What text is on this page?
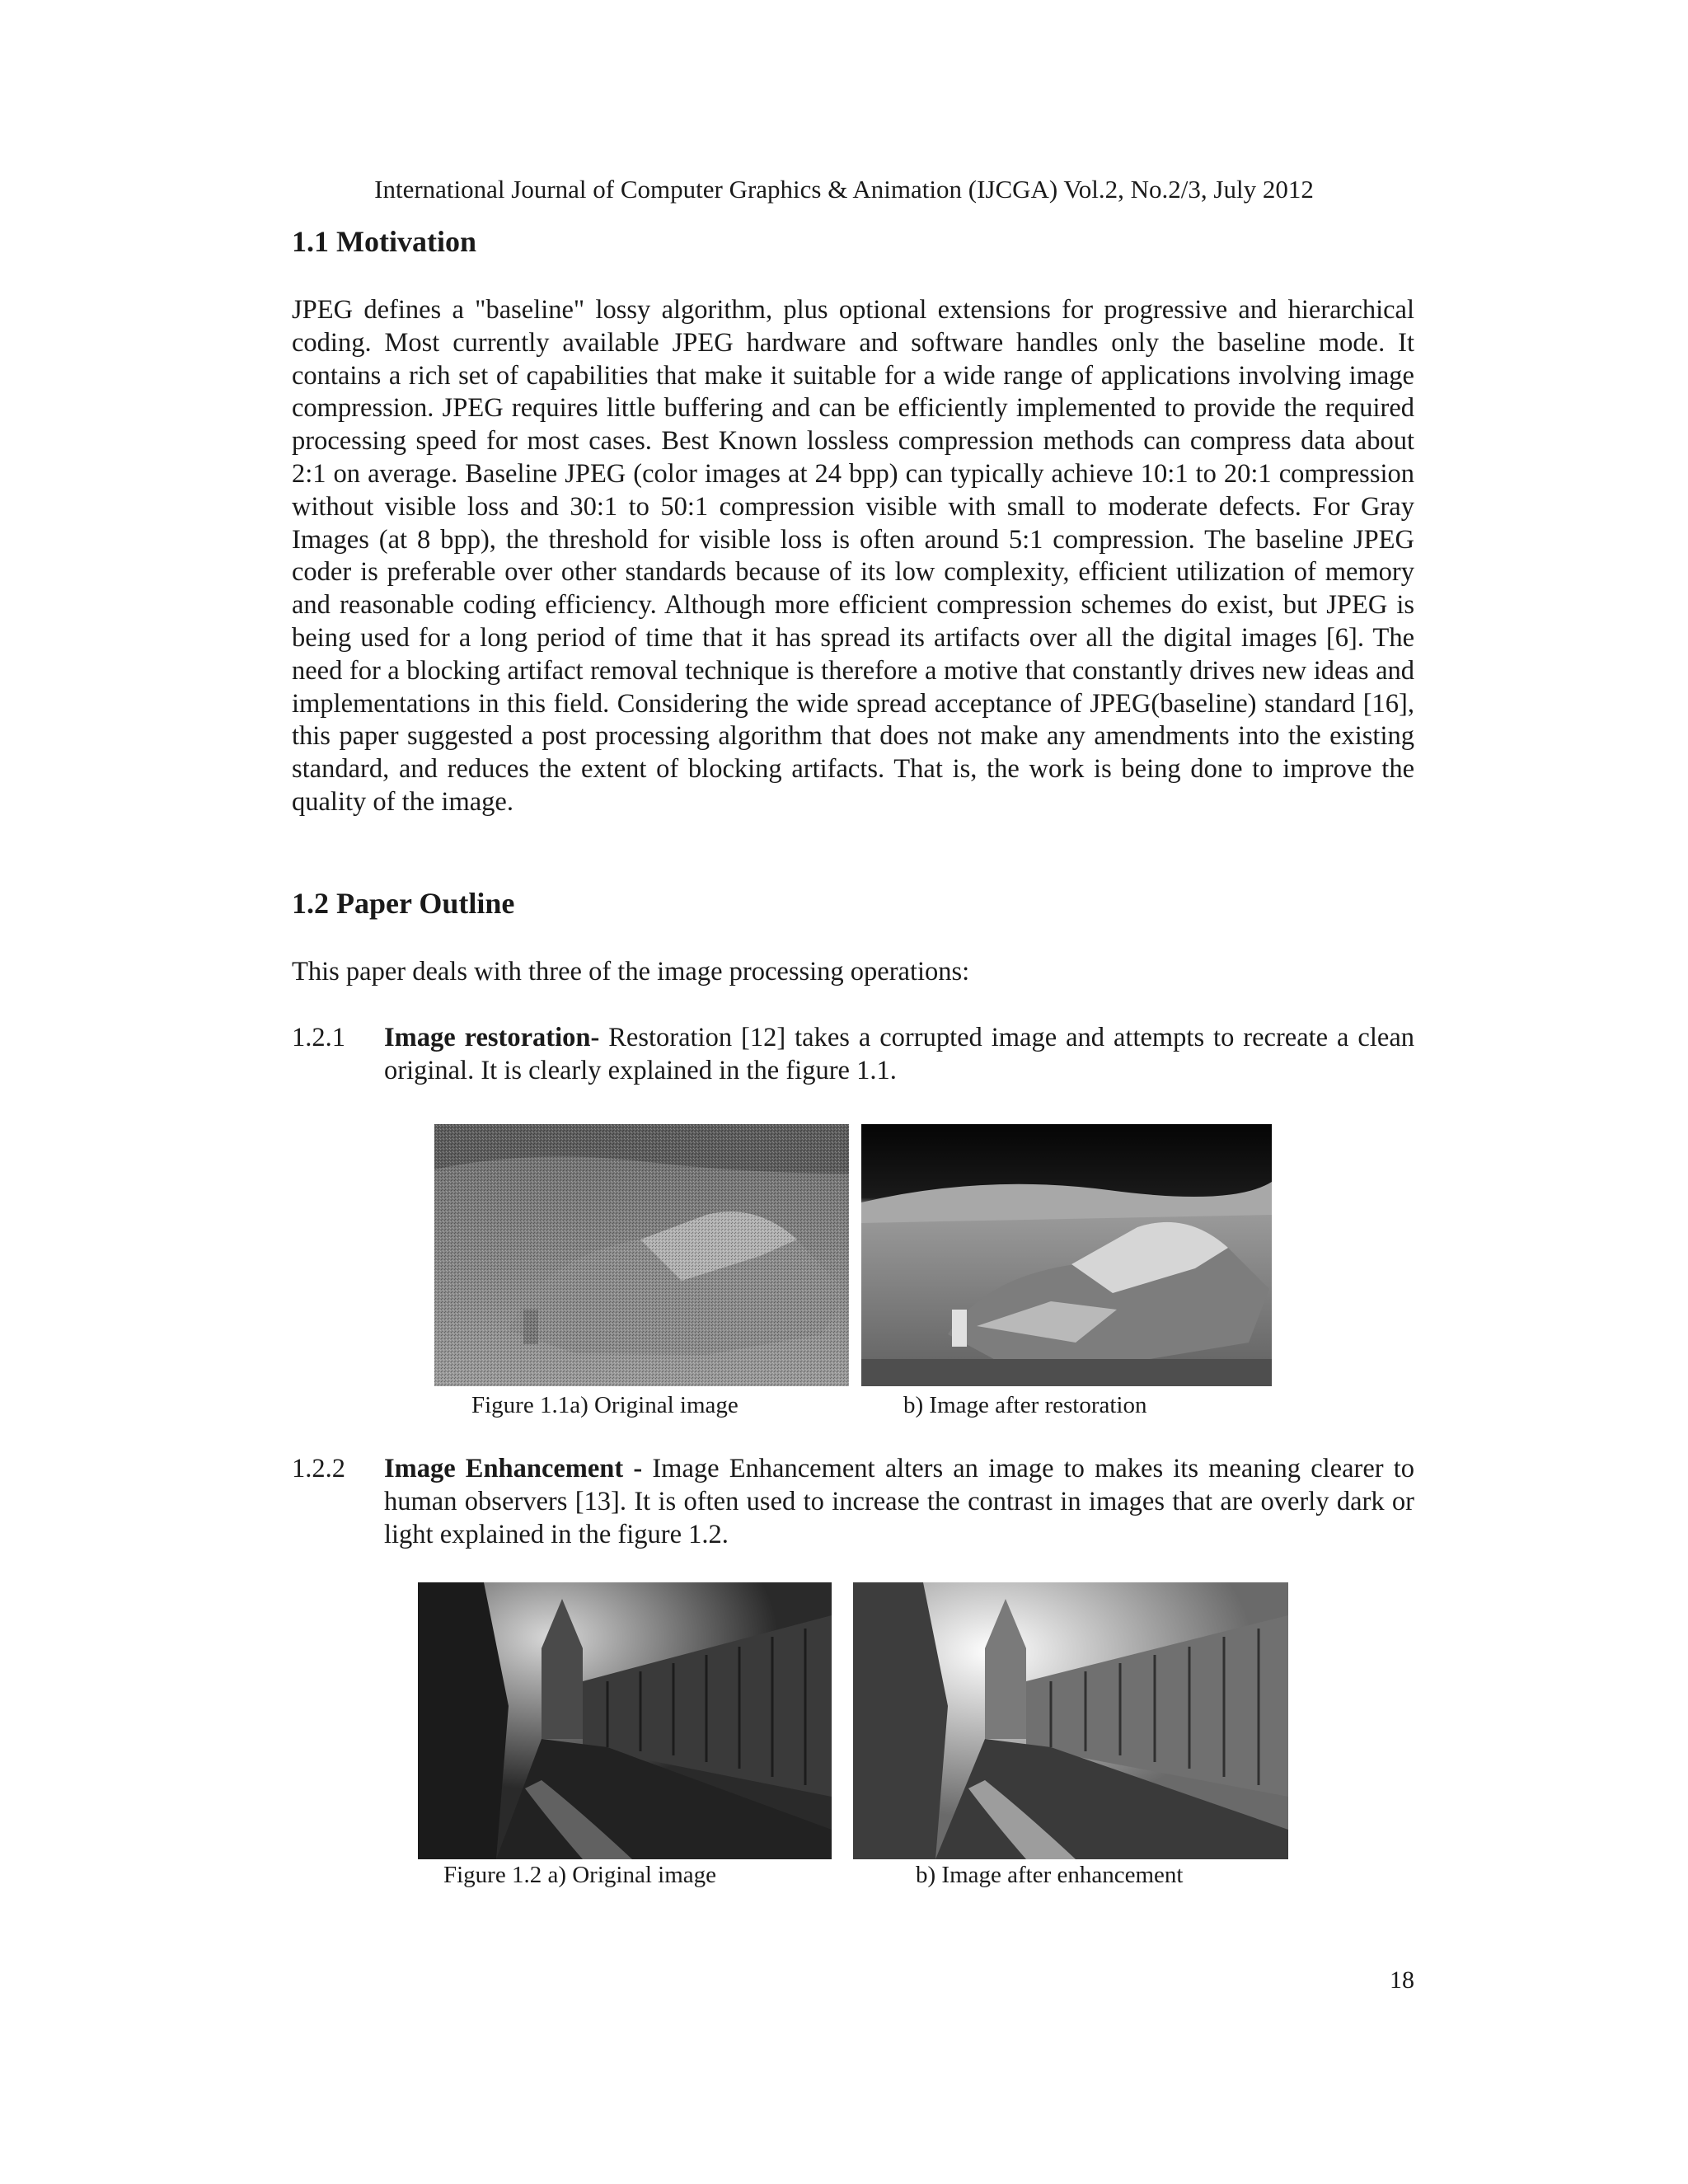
International Journal of Computer Graphics & Animation (IJCGA) Vol.2, No.2/3, July 2012
1.1 Motivation

JPEG defines a "baseline" lossy algorithm, plus optional extensions for progressive and hierarchical coding. Most currently available JPEG hardware and software handles only the baseline mode. It contains a rich set of capabilities that make it suitable for a wide range of applications involving image compression. JPEG requires little buffering and can be efficiently implemented to provide the required processing speed for most cases. Best Known lossless compression methods can compress data about 2:1 on average. Baseline JPEG (color images at 24 bpp) can typically achieve 10:1 to 20:1 compression without visible loss and 30:1 to 50:1 compression visible with small to moderate defects. For Gray Images (at 8 bpp), the threshold for visible loss is often around 5:1 compression. The baseline JPEG coder is preferable over other standards because of its low complexity, efficient utilization of memory and reasonable coding efficiency. Although more efficient compression schemes do exist, but JPEG is being used for a long period of time that it has spread its artifacts over all the digital images [6]. The need for a blocking artifact removal technique is therefore a motive that constantly drives new ideas and implementations in this field. Considering the wide spread acceptance of JPEG(baseline) standard [16], this paper suggested a post processing algorithm that does not make any amendments into the existing standard, and reduces the extent of blocking artifacts. That is, the work is being done to improve the quality of the image.

1.2 Paper Outline

This paper deals with three of the image processing operations:

1.2.1 Image restoration- Restoration [12] takes a corrupted image and attempts to recreate a clean original. It is clearly explained in the figure 1.1.
Figure 1.1a) Original image	b) Image after restoration
1.2.2 Image Enhancement - Image Enhancement alters an image to makes its meaning clearer to human observers [13]. It is often used to increase the contrast in images that are overly dark or light explained in the figure 1.2.
Figure 1.2 a) Original image	b) Image after enhancement
18
